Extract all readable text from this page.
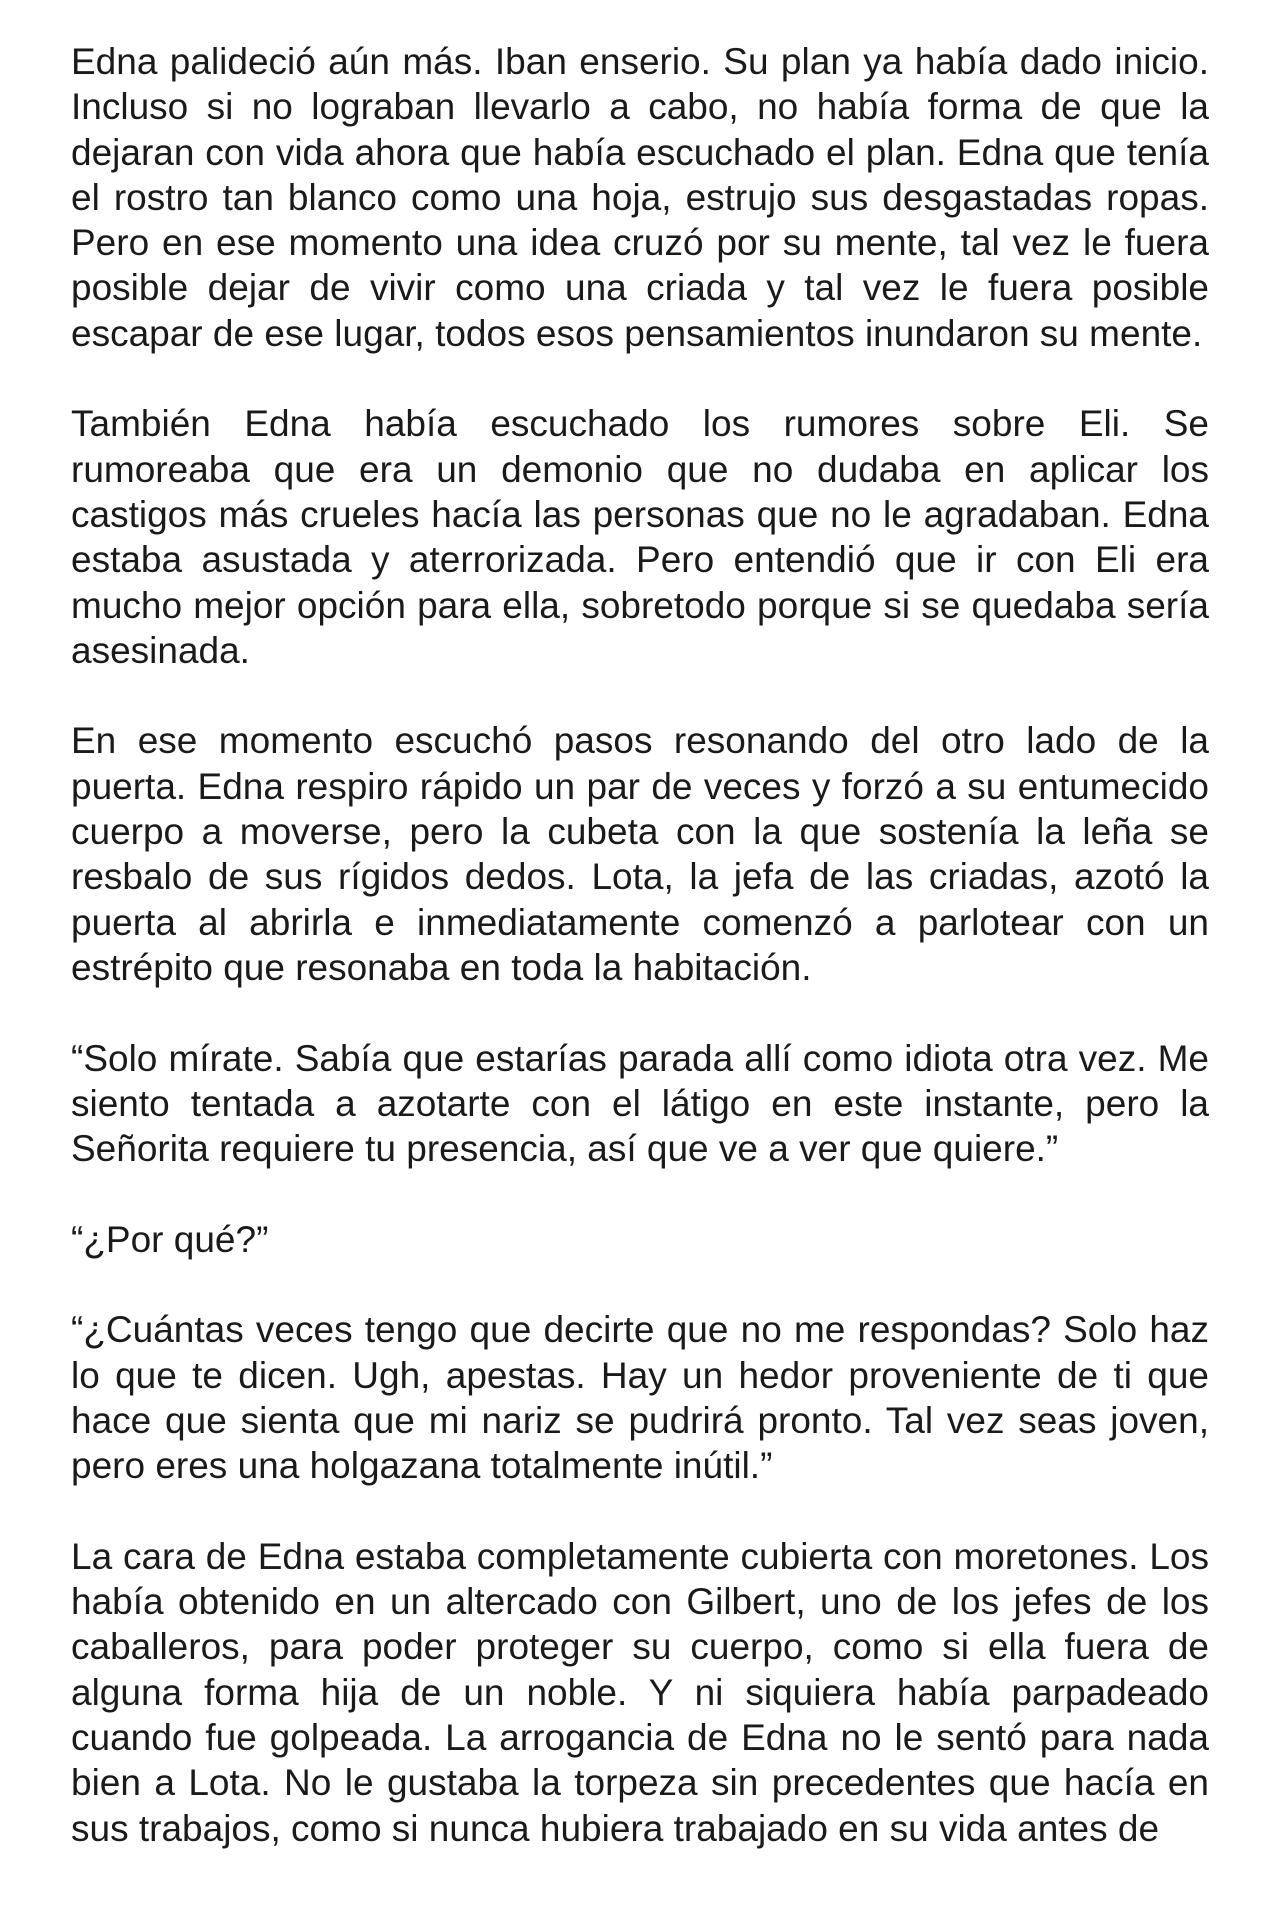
Edna palideció aún más. Iban enserio. Su plan ya había dado inicio. Incluso si no lograban llevarlo a cabo, no había forma de que la dejaran con vida ahora que había escuchado el plan. Edna que tenía el rostro tan blanco como una hoja, estrujo sus desgastadas ropas. Pero en ese momento una idea cruzó por su mente, tal vez le fuera posible dejar de vivir como una criada y tal vez le fuera posible escapar de ese lugar, todos esos pensamientos inundaron su mente.

También Edna había escuchado los rumores sobre Eli. Se rumoreaba que era un demonio que no dudaba en aplicar los castigos más crueles hacía las personas que no le agradaban. Edna estaba asustada y aterrorizada. Pero entendió que ir con Eli era mucho mejor opción para ella, sobretodo porque si se quedaba sería asesinada.

En ese momento escuchó pasos resonando del otro lado de la puerta. Edna respiro rápido un par de veces y forzó a su entumecido cuerpo a moverse, pero la cubeta con la que sostenía la leña se resbalo de sus rígidos dedos. Lota, la jefa de las criadas, azotó la puerta al abrirla e inmediatamente comenzó a parlotear con un estrépito que resonaba en toda la habitación.

“Solo mírate. Sabía que estarías parada allí como idiota otra vez. Me siento tentada a azotarte con el látigo en este instante, pero la Señorita requiere tu presencia, así que ve a ver que quiere.”

“¿Por qué?”

“¿Cuántas veces tengo que decirte que no me respondas? Solo haz lo que te dicen. Ugh, apestas. Hay un hedor proveniente de ti que hace que sienta que mi nariz se pudrirá pronto. Tal vez seas joven, pero eres una holgazana totalmente inútil.”

La cara de Edna estaba completamente cubierta con moretones. Los había obtenido en un altercado con Gilbert, uno de los jefes de los caballeros, para poder proteger su cuerpo, como si ella fuera de alguna forma hija de un noble. Y ni siquiera había parpadeado cuando fue golpeada. La arrogancia de Edna no le sentó para nada bien a Lota. No le gustaba la torpeza sin precedentes que hacía en sus trabajos, como si nunca hubiera trabajado en su vida antes de
